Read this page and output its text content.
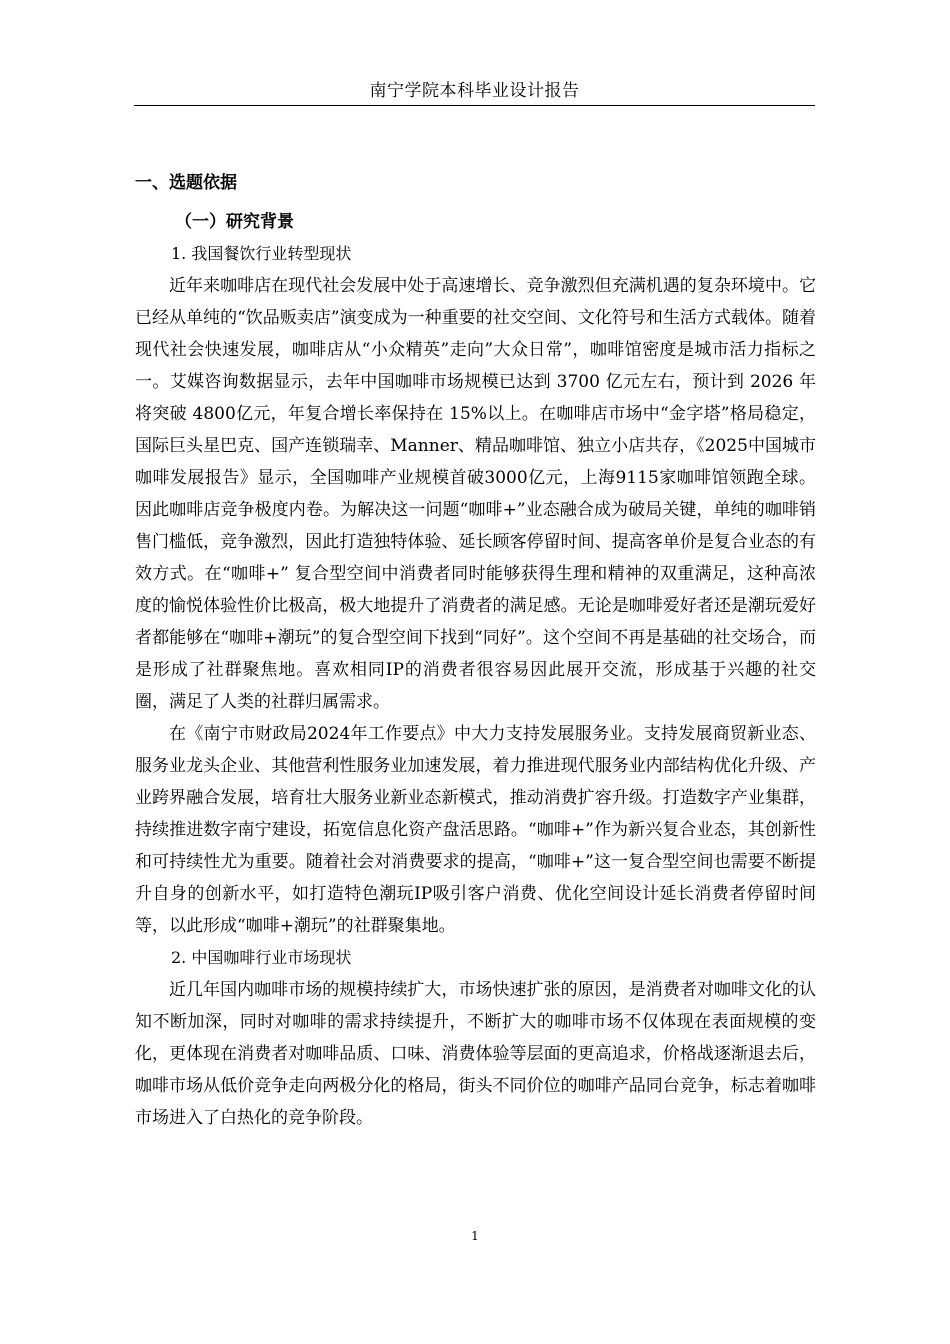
南宁学院本科毕业设计报告
一、选题依据
（一）研究背景
1. 我国餐饮行业转型现状

近年来咖啡店在现代社会发展中处于高速增长、竞争激烈但充满机遇的复杂环境中。它已经从单纯的“饮品贩卖店”演变成为一种重要的社交空间、文化符号和生活方式载体。随着现代社会快速发展，咖啡店从“小众精英”走向”大众日常”，咖啡馆密度是城市活力指标之一。艾媒咨询数据显示，去年中国咖啡市场规模已达到 3700 亿元左右，预计到 2026 年将突破 4800亿元，年复合增长率保持在 15%以上。在咖啡店市场中“金字塔”格局稳定，国际巨头星巴克、国产连锁瑞幸、Manner、精品咖啡馆、独立小店共存，《2025中国城市咖啡发展报告》显示，全国咖啡产业规模首破3000亿元，上海9115家咖啡馆领跑全球。因此咖啡店竞争极度内卷。为解决这一问题“咖啡+”业态融合成为破局关键，单纯的咖啡销售门槛低，竞争激烈，因此打造独特体验、延长顾客停留时间、提高客单价是复合业态的有效方式。在“咖啡+” 复合型空间中消费者同时能够获得生理和精神的双重满足，这种高浓度的愉悦体验性价比极高，极大地提升了消费者的满足感。无论是咖啡爱好者还是潮玩爱好者都能够在“咖啡+潮玩”的复合型空间下找到“同好”。这个空间不再是基础的社交场合，而是形成了社群聚焦地。喜欢相同IP的消费者很容易因此展开交流，形成基于兴趣的社交圈，满足了人类的社群归属需求。

在《南宁市财政局2024年工作要点》中大力支持发展服务业。支持发展商贸新业态、服务业龙头企业、其他营利性服务业加速发展，着力推进现代服务业内部结构优化升级、产业跨界融合发展，培育壮大服务业新业态新模式，推动消费扩容升级。打造数字产业集群，持续推进数字南宁建设，拓宽信息化资产盘活思路。“咖啡+”作为新兴复合业态，其创新性和可持续性尤为重要。随着社会对消费要求的提高，“咖啡+”这一复合型空间也需要不断提升自身的创新水平，如打造特色潮玩IP吸引客户消费、优化空间设计延长消费者停留时间等，以此形成“咖啡+潮玩”的社群聚集地。

2. 中国咖啡行业市场现状

近几年国内咖啡市场的规模持续扩大，市场快速扩张的原因，是消费者对咖啡文化的认知不断加深，同时对咖啡的需求持续提升，不断扩大的咖啡市场不仅体现在表面规模的变化，更体现在消费者对咖啡品质、口味、消费体验等层面的更高追求，价格战逐渐退去后，咖啡市场从低价竞争走向两极分化的格局，街头不同价位的咖啡产品同台竞争，标志着咖啡市场进入了白热化的竞争阶段。

1
